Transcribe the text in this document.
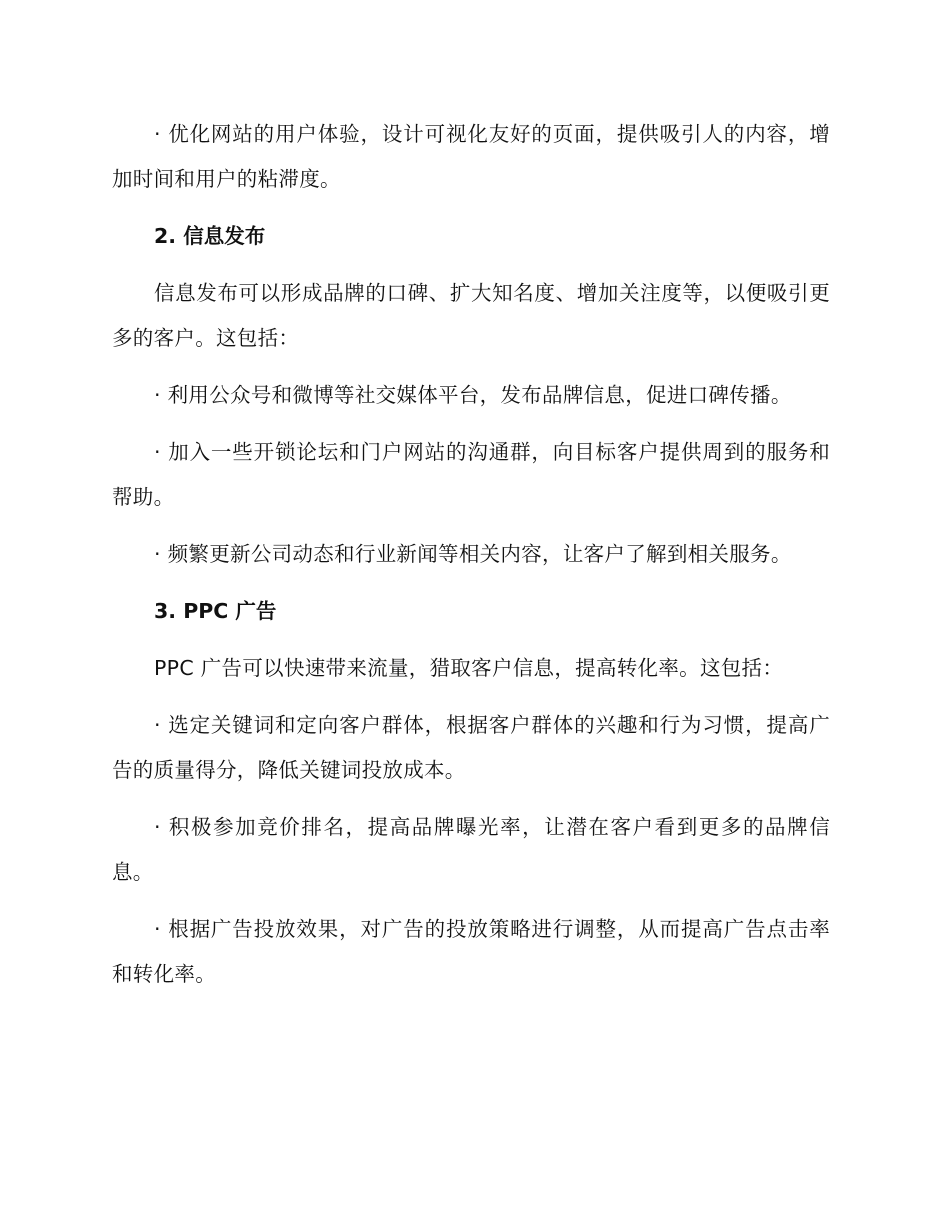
· 优化网站的用户体验，设计可视化友好的页面，提供吸引人的内容，增加时间和用户的粘滞度。

2. 信息发布

信息发布可以形成品牌的口碑、扩大知名度、增加关注度等，以便吸引更多的客户。这包括：

· 利用公众号和微博等社交媒体平台，发布品牌信息，促进口碑传播。

· 加入一些开锁论坛和门户网站的沟通群，向目标客户提供周到的服务和帮助。

· 频繁更新公司动态和行业新闻等相关内容，让客户了解到相关服务。

3. PPC 广告

PPC 广告可以快速带来流量，猎取客户信息，提高转化率。这包括：

· 选定关键词和定向客户群体，根据客户群体的兴趣和行为习惯，提高广告的质量得分，降低关键词投放成本。

· 积极参加竞价排名，提高品牌曝光率，让潜在客户看到更多的品牌信息。

· 根据广告投放效果，对广告的投放策略进行调整，从而提高广告点击率和转化率。
